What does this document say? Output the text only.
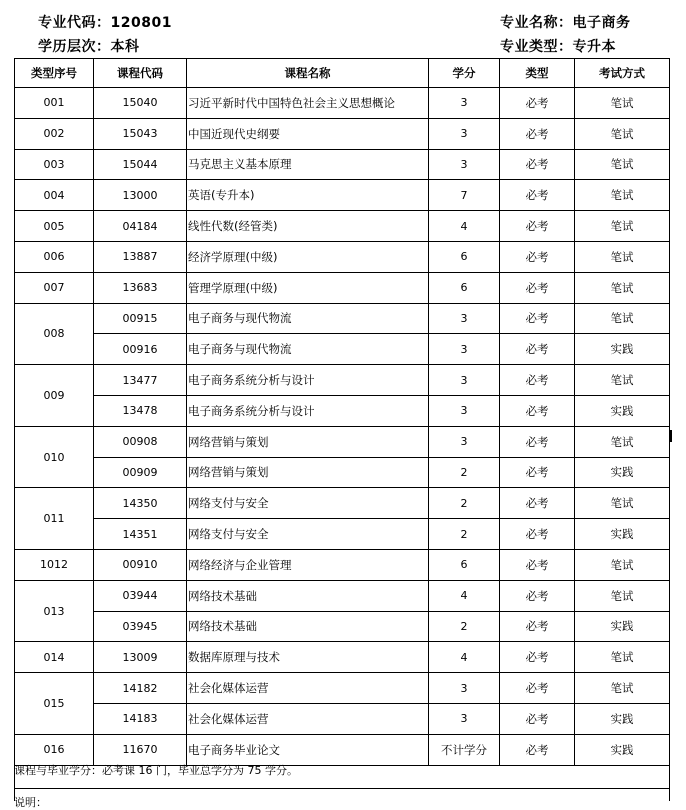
专业代码：120801
学历层次：本科
专业名称：电子商务
专业类型：专升本
类型序号	课程代码	课程名称	学分	类型	考试方式
001	15040	习近平新时代中国特色社会主义思想概论	3	必考	笔试
002	15043	中国近现代史纲要	3	必考	笔试
003	15044	马克思主义基本原理	3	必考	笔试
004	13000	英语(专升本)	7	必考	笔试
005	04184	线性代数(经管类)	4	必考	笔试
006	13887	经济学原理(中级)	6	必考	笔试
007	13683	管理学原理(中级)	6	必考	笔试
008	00915	电子商务与现代物流	3	必考	笔试
	00916	电子商务与现代物流	3	必考	实践
009	13477	电子商务系统分析与设计	3	必考	笔试
	13478	电子商务系统分析与设计	3	必考	实践
010	00908	网络营销与策划	3	必考	笔试
	00909	网络营销与策划	2	必考	实践
011	14350	网络支付与安全	2	必考	笔试
	14351	网络支付与安全	2	必考	实践
1012	00910	网络经济与企业管理	6	必考	笔试
013	03944	网络技术基础	4	必考	笔试
	03945	网络技术基础	2	必考	实践
014	13009	数据库原理与技术	4	必考	笔试
015	14182	社会化媒体运营	3	必考	笔试
	14183	社会化媒体运营	3	必考	实践
016	11670	电子商务毕业论文	不计学分	必考	实践
课程与毕业学分：必考课 16 门，毕业总学分为 75 学分。
说明：
